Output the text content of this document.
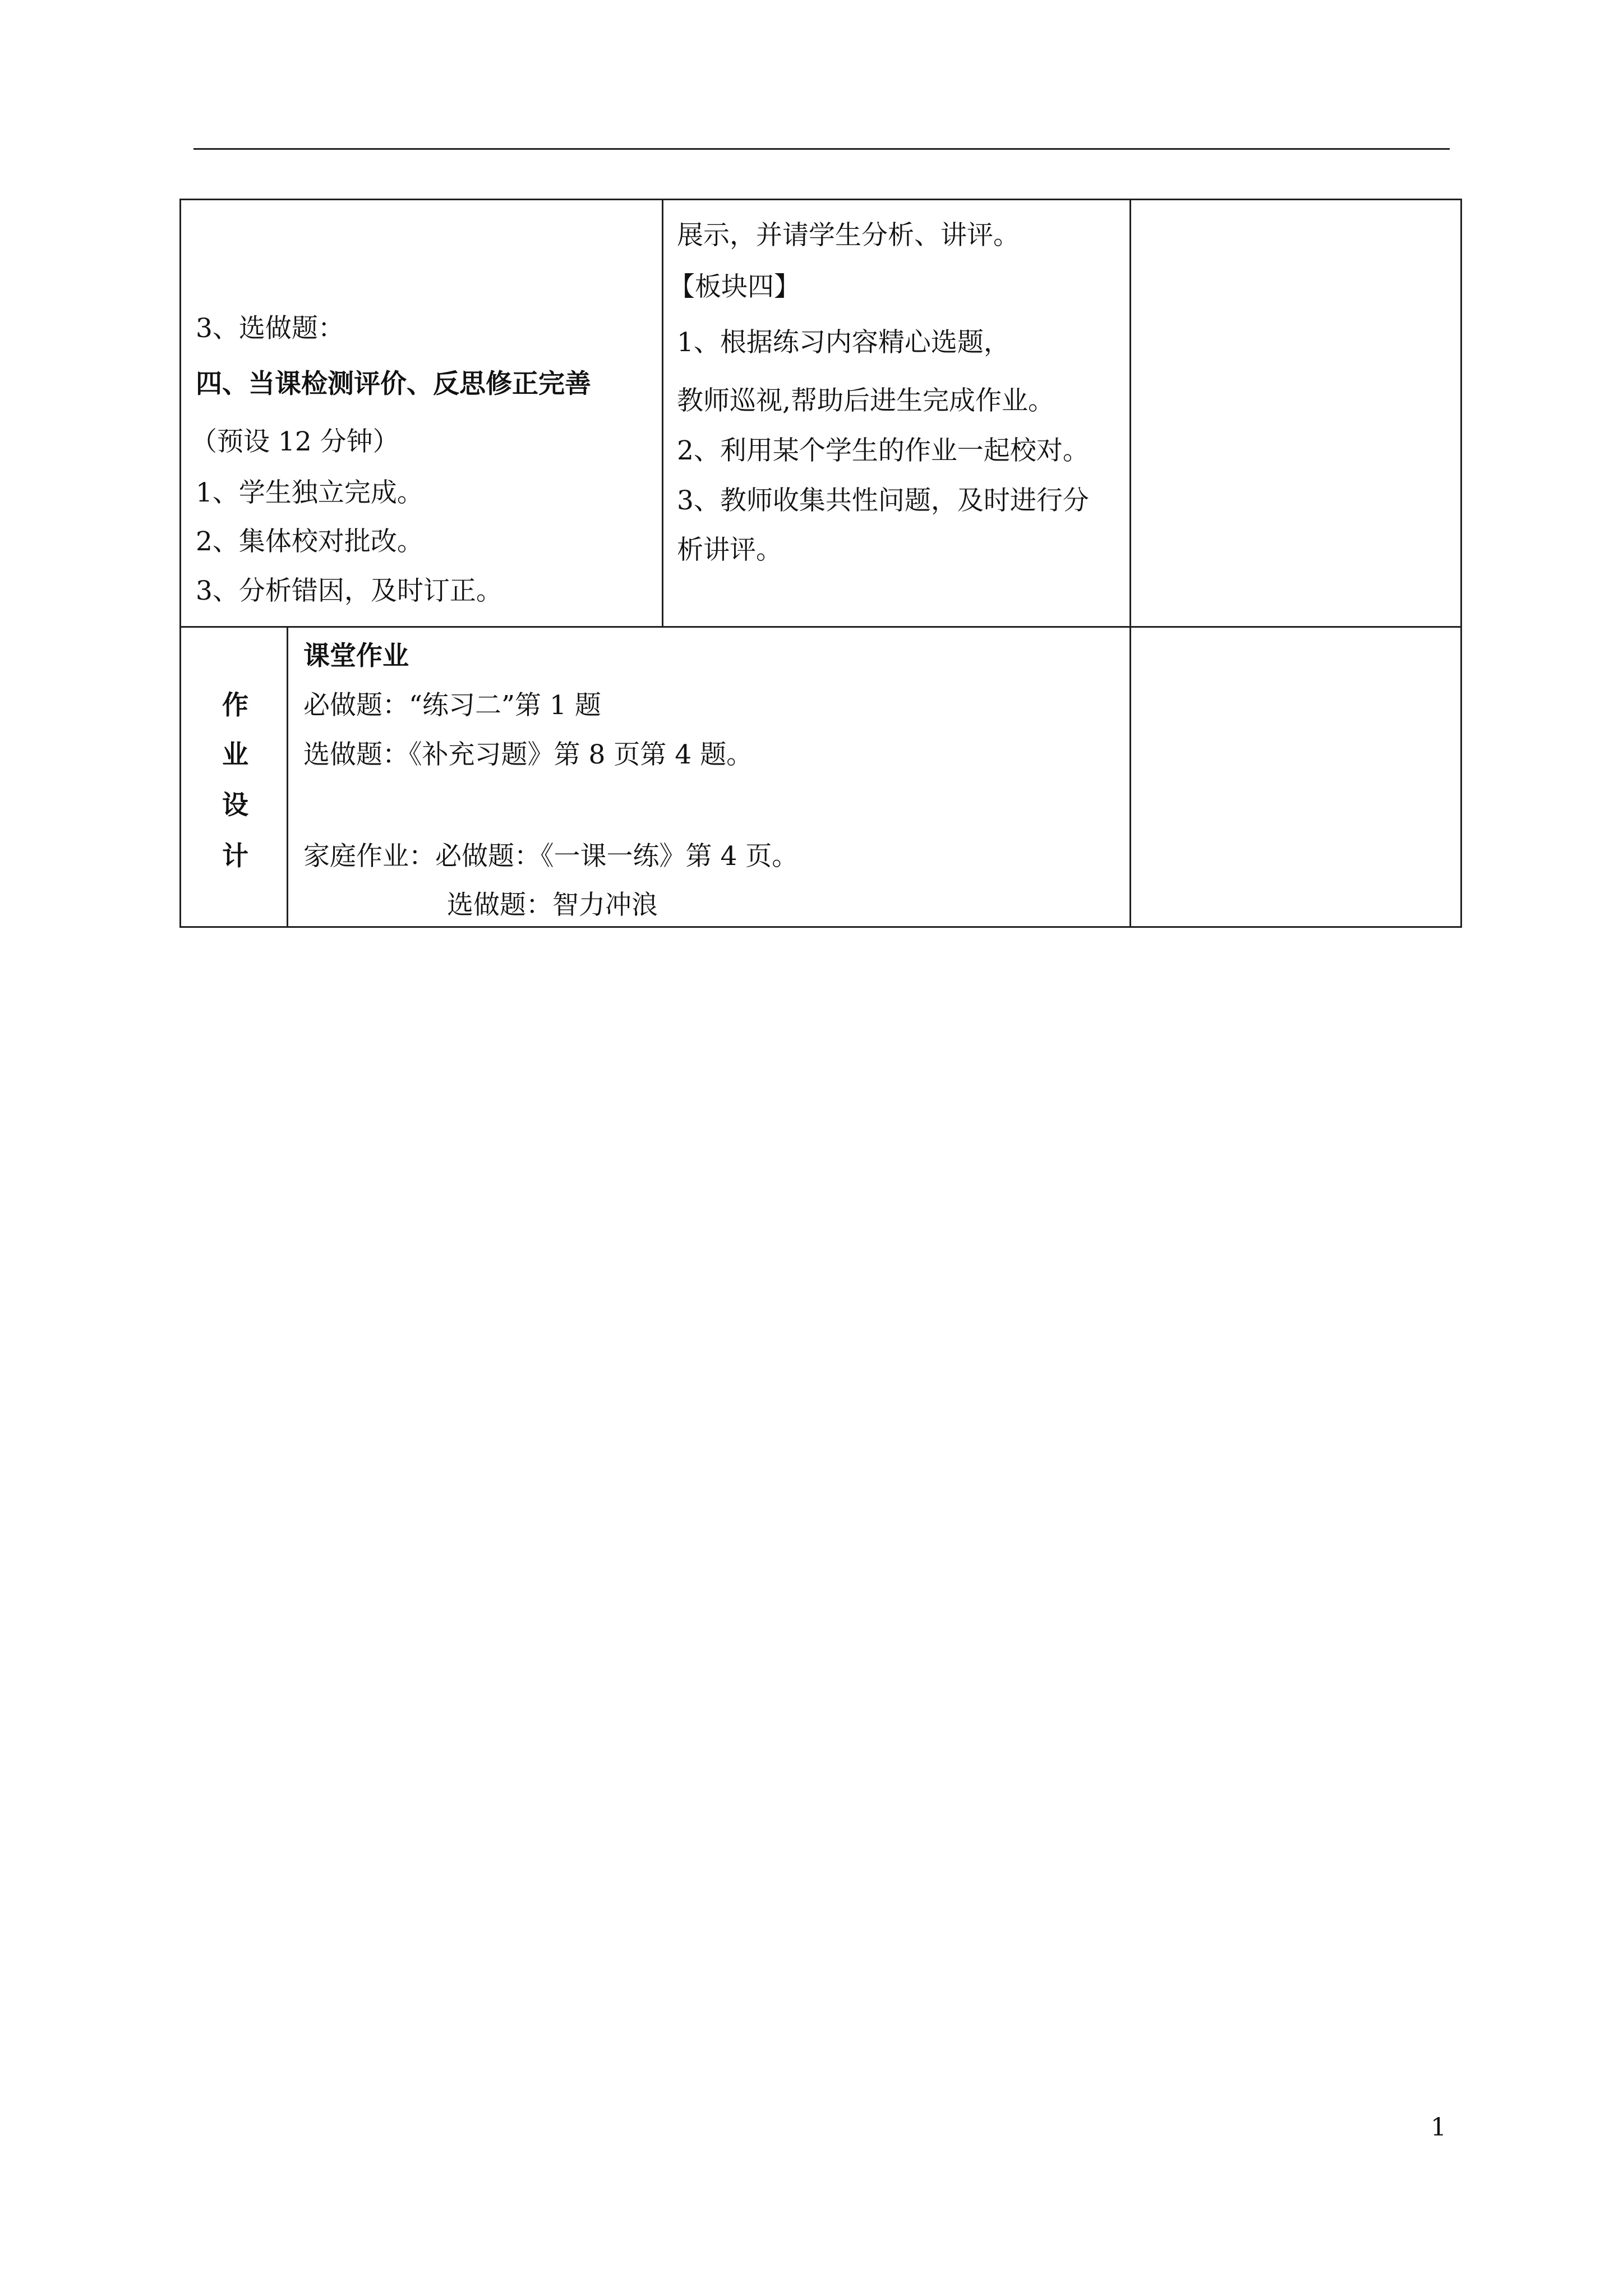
3、选做题：
四、当课检测评价、反思修正完善
（预设 12 分钟）
1、学生独立完成。
2、集体校对批改。
3、分析错因，及时订正。
展示，并请学生分析、讲评。
【板块四】
1、根据练习内容精心选题，
教师巡视,帮助后进生完成作业。
2、利用某个学生的作业一起校对。
3、教师收集共性问题，及时进行分
析讲评。
作
业
设
计
课堂作业
必做题：“练习二”第 1 题
选做题：《补充习题》第 8 页第 4 题。
家庭作业：必做题：《一课一练》第 4 页。
选做题：智力冲浪
1
